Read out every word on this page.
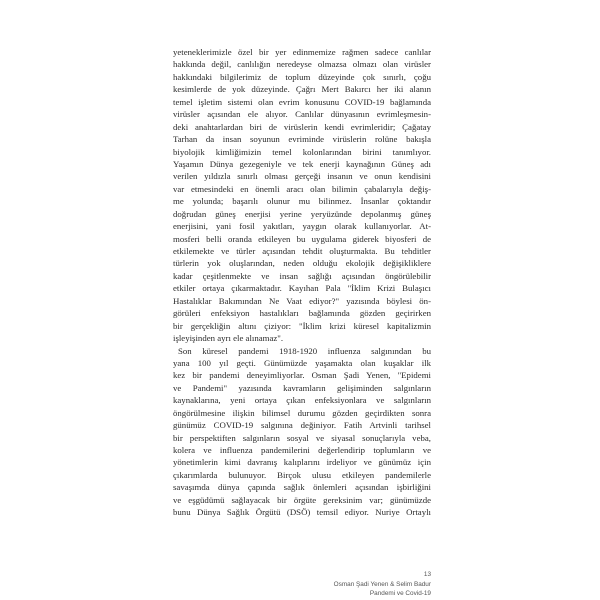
yeteneklerimizle özel bir yer edinmemize rağmen sadece canlılar
hakkında değil, canlılığın neredeyse olmazsa olmazı olan virüsler
hakkındaki bilgilerimiz de toplum düzeyinde çok sınırlı, çoğu
kesimlerde de yok düzeyinde. Çağrı Mert Bakırcı her iki alanın
temel işletim sistemi olan evrim konusunu COVID-19 bağlamında
virüsler açısından ele alıyor. Canlılar dünyasının evrimleşmesin-
deki anahtarlardan biri de virüslerin kendi evrimleridir; Çağatay
Tarhan da insan soyunun evriminde virüslerin rolüne bakışla
biyolojik kimliğimizin temel kolonlarından birini tanımlıyor.
Yaşamın Dünya gezegeniyle ve tek enerji kaynağının Güneş adı
verilen yıldızla sınırlı olması gerçeği insanın ve onun kendisini
var etmesindeki en önemli aracı olan bilimin çabalarıyla değiş-
me yolunda; başarılı olunur mu bilinmez. İnsanlar çoktandır
doğrudan güneş enerjisi yerine yeryüzünde depolanmış güneş
enerjisini, yani fosil yakıtları, yaygın olarak kullanıyorlar. At-
mosferi belli oranda etkileyen bu uygulama giderek biyosferi de
etkilemekte ve türler açısından tehdit oluşturmakta. Bu tehditler
türlerin yok oluşlarından, neden olduğu ekolojik değişikliklere
kadar çeşitlenmekte ve insan sağlığı açısından öngörülebilir
etkiler ortaya çıkarmaktadır. Kayıhan Pala "İklim Krizi Bulaşıcı
Hastalıklar Bakımından Ne Vaat ediyor?" yazısında böylesi ön-
görüleri enfeksiyon hastalıkları bağlamında gözden geçirirken
bir gerçekliğin altını çiziyor: "İklim krizi küresel kapitalizmin
işleyişinden ayrı ele alınamaz".
Son küresel pandemi 1918-1920 influenza salgınından bu
yana 100 yıl geçti. Günümüzde yaşamakta olan kuşaklar ilk
kez bir pandemi deneyimliyorlar. Osman Şadi Yenen, "Epidemi
ve Pandemi" yazısında kavramların gelişiminden salgınların
kaynaklarına, yeni ortaya çıkan enfeksiyonlara ve salgınların
öngörülmesine ilişkin bilimsel durumu gözden geçirdikten sonra
günümüz COVID-19 salgınına değiniyor. Fatih Artvinli tarihsel
bir perspektiften salgınların sosyal ve siyasal sonuçlarıyla veba,
kolera ve influenza pandemilerini değerlendirip toplumların ve
yönetimlerin kimi davranış kalıplarını irdeliyor ve günümüz için
çıkarımlarda bulunuyor. Birçok ulusu etkileyen pandemilerle
savaşımda dünya çapında sağlık önlemleri açısından işbirliğini
ve eşgüdümü sağlayacak bir örgüte gereksinim var; günümüzde
bunu Dünya Sağlık Örgütü (DSÖ) temsil ediyor. Nuriye Ortaylı
13
Osman Şadi Yenen & Selim Badur
Pandemi ve Covid-19
